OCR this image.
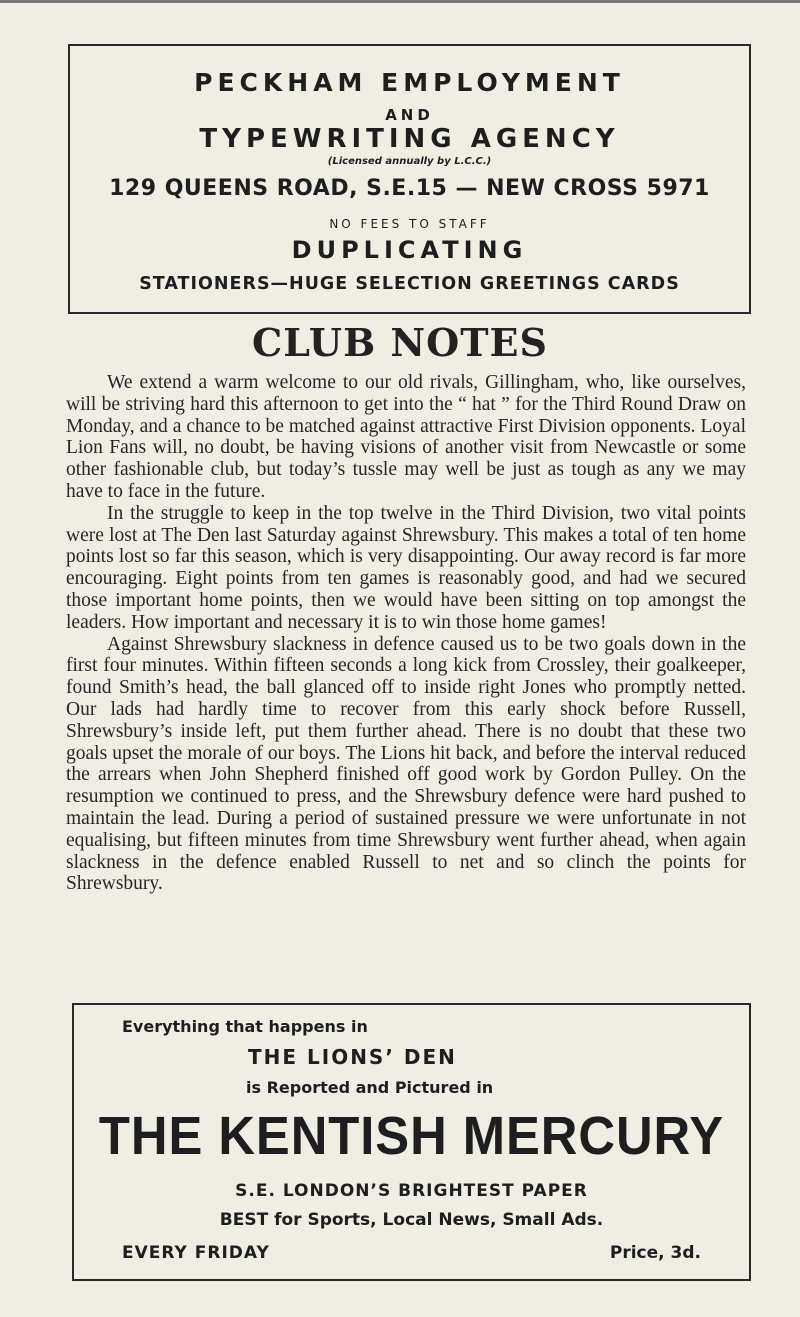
PECKHAM EMPLOYMENT
AND
TYPEWRITING AGENCY
(Licensed annually by L.C.C.)
129 QUEENS ROAD, S.E.15 — NEW CROSS 5971
NO FEES TO STAFF
DUPLICATING
STATIONERS—HUGE SELECTION GREETINGS CARDS
CLUB NOTES

We extend a warm welcome to our old rivals, Gillingham, who, like ourselves, will be striving hard this afternoon to get into the “ hat ” for the Third Round Draw on Monday, and a chance to be matched against attractive First Division opponents. Loyal Lion Fans will, no doubt, be having visions of another visit from Newcastle or some other fashionable club, but today’s tussle may well be just as tough as any we may have to face in the future.

In the struggle to keep in the top twelve in the Third Division, two vital points were lost at The Den last Saturday against Shrewsbury. This makes a total of ten home points lost so far this season, which is very disappointing. Our away record is far more encouraging. Eight points from ten games is reasonably good, and had we secured those important home points, then we would have been sitting on top amongst the leaders. How important and necessary it is to win those home games!

Against Shrewsbury slackness in defence caused us to be two goals down in the first four minutes. Within fifteen seconds a long kick from Crossley, their goalkeeper, found Smith’s head, the ball glanced off to inside right Jones who promptly netted. Our lads had hardly time to recover from this early shock before Russell, Shrewsbury’s inside left, put them further ahead. There is no doubt that these two goals upset the morale of our boys. The Lions hit back, and before the interval reduced the arrears when John Shepherd finished off good work by Gordon Pulley. On the resumption we continued to press, and the Shrewsbury defence were hard pushed to maintain the lead. During a period of sustained pressure we were unfortunate in not equalising, but fifteen minutes from time Shrewsbury went further ahead, when again slackness in the defence enabled Russell to net and so clinch the points for Shrewsbury.

Everything that happens in
THE LIONS’ DEN
is Reported and Pictured in
THE KENTISH MERCURY
S.E. LONDON’S BRIGHTEST PAPER
BEST for Sports, Local News, Small Ads.
EVERY FRIDAY	Price, 3d.
